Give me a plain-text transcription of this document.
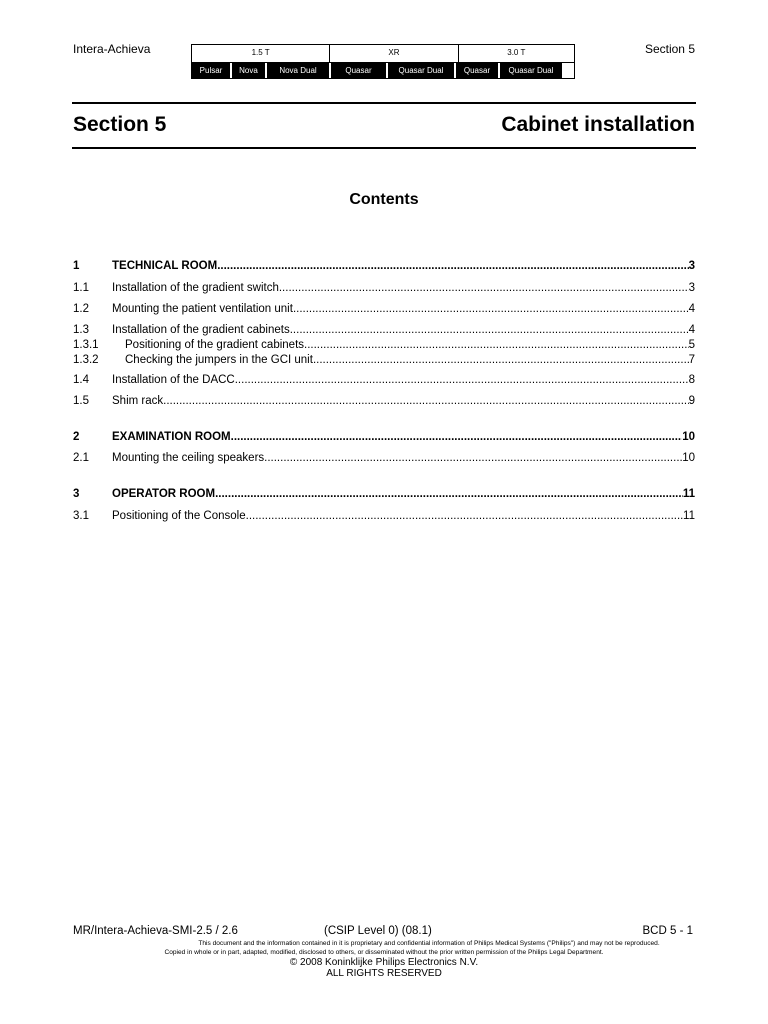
Intera-Achieva	1.5 T	XR	3.0 T
Pulsar	Nova	Nova Dual	Quasar	Quasar Dual	Quasar	Quasar Dual
Section 5
Section 5	Cabinet installation
Contents
1	TECHNICAL ROOM .....	3
1.1 Installation of the gradient switch .....	3
1.2 Mounting the patient ventilation unit .....	4
1.3 Installation of the gradient cabinets .....	4
1.3.1 Positioning of the gradient cabinets .....	5
1.3.2 Checking the jumpers in the GCI unit .....	7
1.4 Installation of the DACC .....	8
1.5 Shim rack .....	9
2	EXAMINATION ROOM .....	10
2.1 Mounting the ceiling speakers .....	10
3	OPERATOR ROOM .....	11
3.1 Positioning of the Console .....	11
MR/Intera-Achieva-SMI-2.5 / 2.6	(CSIP Level 0) (08.1)	BCD 5 - 1
This document and the information contained in it is proprietary and confidential information of Philips Medical Systems ("Philips") and may not be reproduced.
Copied in whole or in part, adapted, modified, disclosed to others, or disseminated without the prior written permission of the Philips Legal Department.
© 2008 Koninklijke Philips Electronics N.V.
ALL RIGHTS RESERVED
